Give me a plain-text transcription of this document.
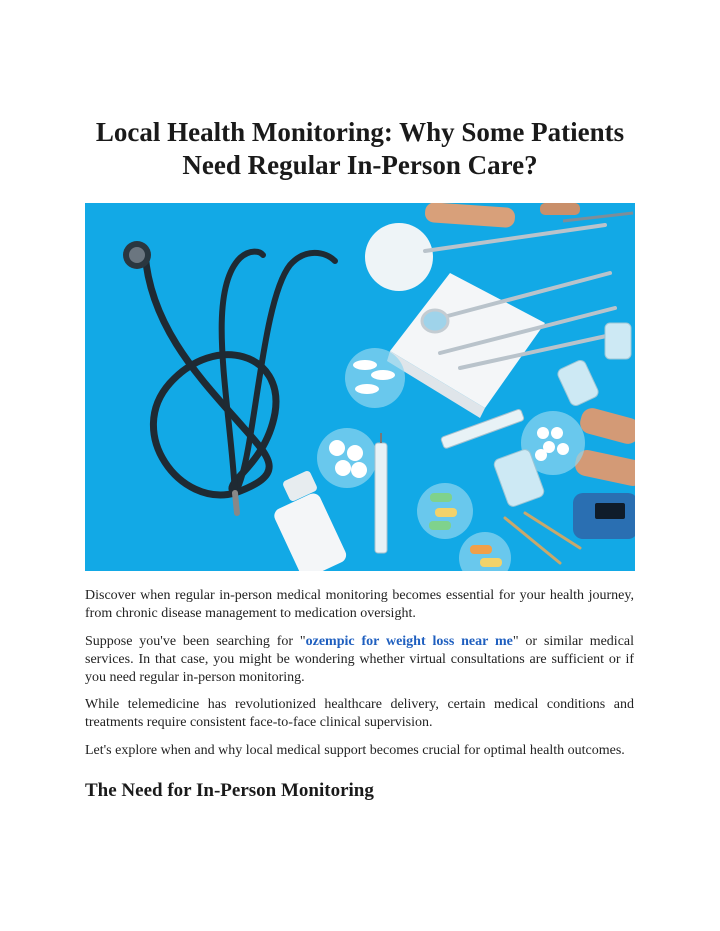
Local Health Monitoring: Why Some Patients
Need Regular In-Person Care?

Discover when regular in-person medical monitoring becomes essential for your health journey, from chronic disease management to medication oversight.

Suppose you've been searching for "ozempic for weight loss near me" or similar medical services. In that case, you might be wondering whether virtual consultations are sufficient or if you need regular in-person monitoring.

While telemedicine has revolutionized healthcare delivery, certain medical conditions and treatments require consistent face-to-face clinical supervision.

Let's explore when and why local medical support becomes crucial for optimal health outcomes.

The Need for In-Person Monitoring
